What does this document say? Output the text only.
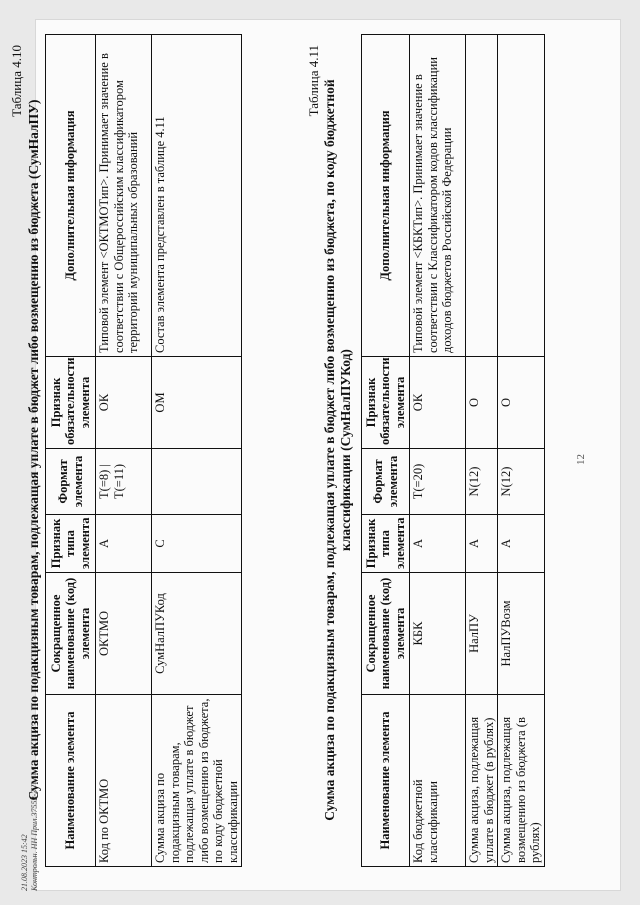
12
Таблица 4.10
Сумма акциза по подакцизным товарам, подлежащая уплате в бюджет либо возмещению из бюджета (СумНалПУ) Наименование элемента	Сокращенное наименование (код) элемента	Признак типа элемента	Формат элемента	Признак обязательности элемента	Дополнительная информация
Код по ОКТМО	ОКТМО	А	T(=8) | T(=11)	ОК	Типовой элемент <ОКТМОТип>. Принимает значение в соответствии с Общероссийским классификатором территорий муниципальных образований
Сумма акциза по подакцизным товарам, подлежащая уплате в бюджет либо возмещению из бюджета, по коду бюджетной классификации	СумНалПУКод	С		ОМ	Состав элемента представлен в таблице 4.11
Таблица 4.11 Сумма акциза по подакцизным товарам, подлежащая уплате в бюджет либо возмещению из бюджета, по коду бюджетной классификации (СумНалПУКод)
Наименование элемента	Сокращенное наименование (код) элемента	Признак типа элемента	Формат элемента	Признак обязательности элемента	Дополнительная информация
Код бюджетной классификации	КБК	А	T(=20)	ОК	Типовой элемент <КБКТип>. Принимает значение в соответствии с Классификатором кодов классификации доходов бюджетов Российской Федерации
Сумма акциза, подлежащая уплате в бюджет (в рублях)	НалПУ	А	N(12)	О	
Сумма акциза, подлежащая возмещению из бюджета (в рублях)	НалПУВозм	А	N(12)	О	
21.08.2023 15:42 Контрольн. НН Прил.37552-3
